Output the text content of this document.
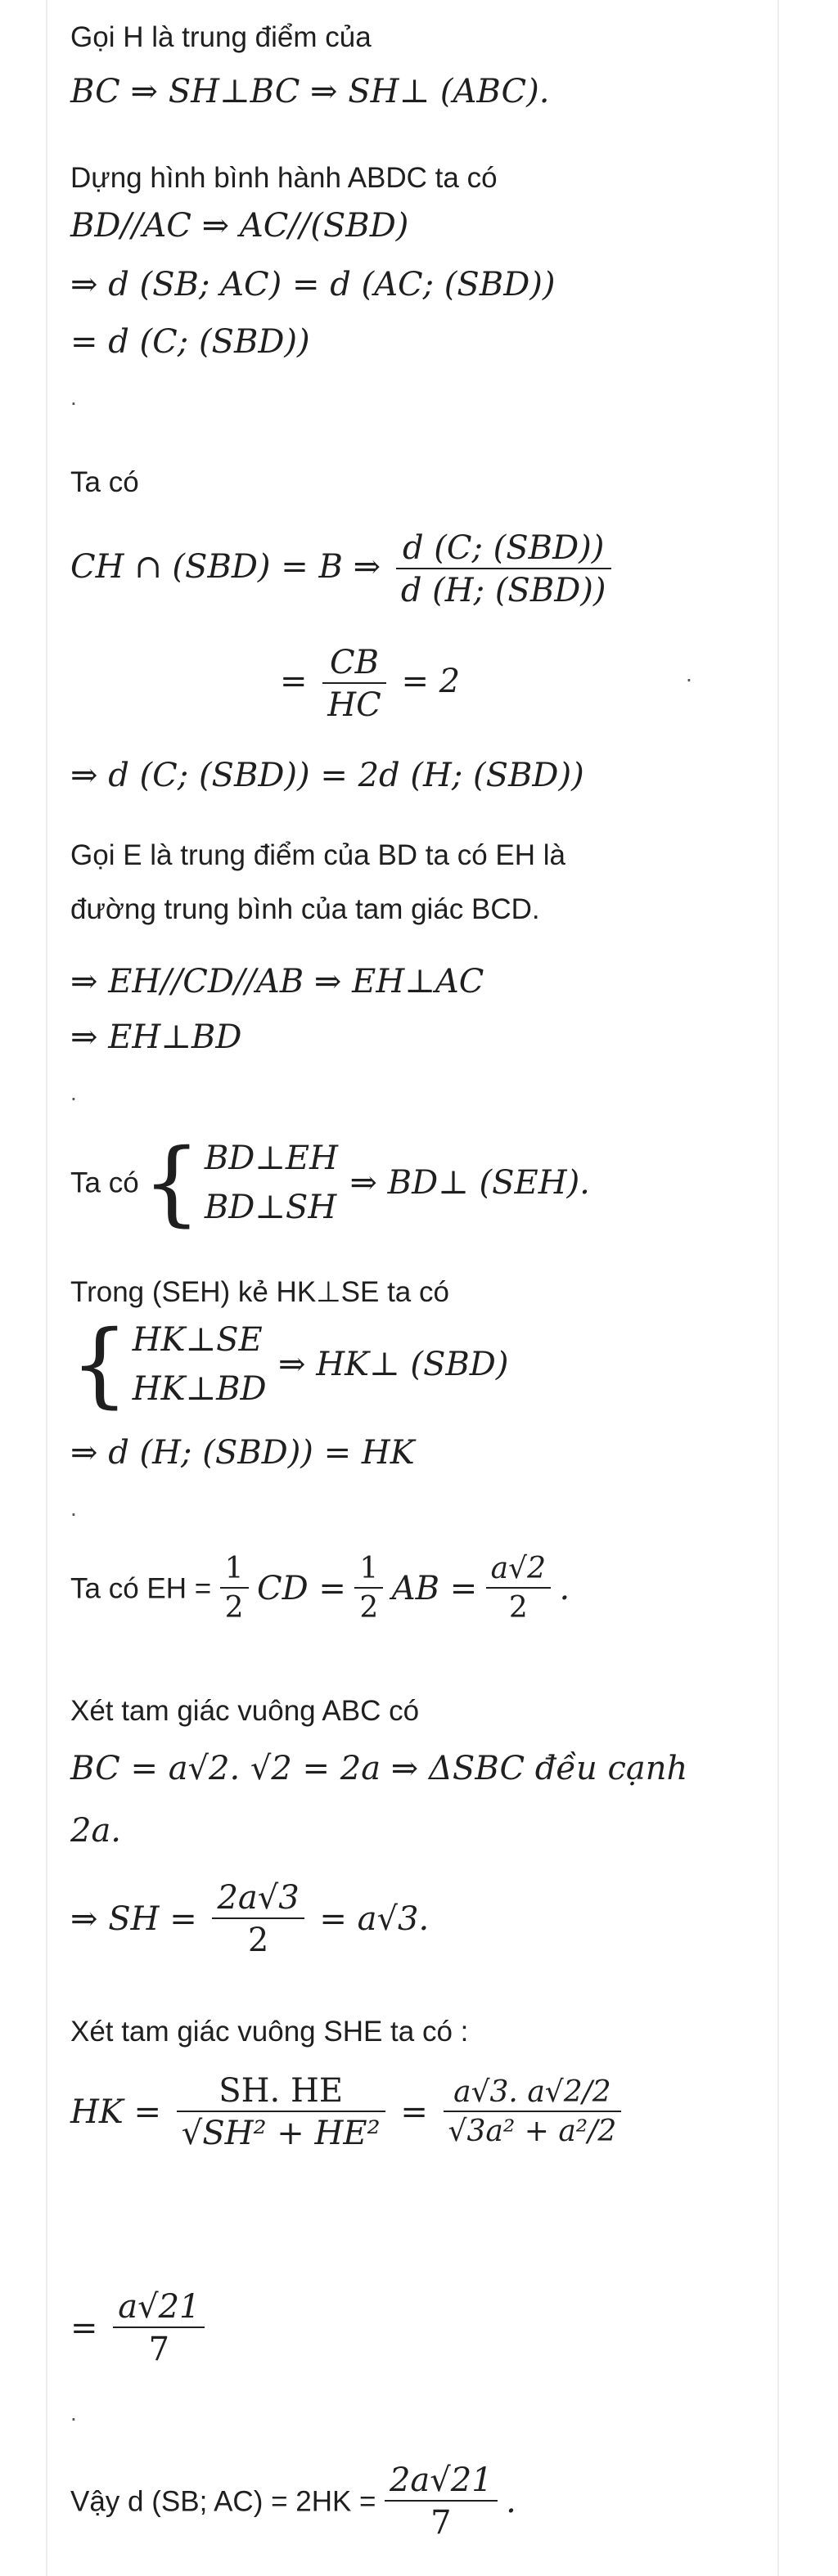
Gọi H là trung điểm của
BC ⇒ SH⊥BC ⇒ SH⊥ (ABC).
Dựng hình bình hành ABDC ta có
BD//AC ⇒ AC//(SBD)
⇒ d (SB; AC) = d (AC; (SBD))
= d (C; (SBD))
.
Ta có
CH ∩ (SBD) = B ⇒ $\frac{\text{d (C; (SBD))}}{\text{d (H; (SBD))}}$
= $\frac{CB}{HC} = 2$	.
⇒ d (C; (SBD)) = 2d (H; (SBD))
Gọi E là trung điểm của BD ta có EH là
đường trung bình của tam giác BCD.
⇒ EH//CD//AB ⇒ EH⊥AC
⇒ EH⊥BD
.
Ta có { BD⊥EH
BD⊥SH
⇒ BD⊥ (SEH).
Trong (SEH) kẻ HK⊥SE ta có
{ HK⊥SE
HK⊥BD
⇒ HK⊥ (SBD)
⇒ d (H; (SBD)) = HK
.
Ta có EH = $\frac{1}{2}$ CD = $\frac{1}{2}$ AB = $\frac{a√2}{2}$ .
Xét tam giác vuông ABC có
BC = a√2. √2 = 2a ⇒ ΔSBC đều cạnh
2a.
⇒ SH = $\frac{2a√3}{2} = a√3$.
Xét tam giác vuông SHE ta có :
HK = $\frac{SH. HE}{\text{√SH² + HE²}} = \frac{a√3. a√2/2}{\text{√3a² + a²/2}}$
= $\frac{a√21}{7}$
.
Vậy d (SB; $AC) = 2HK = \frac{2a√21}{7}$ .
